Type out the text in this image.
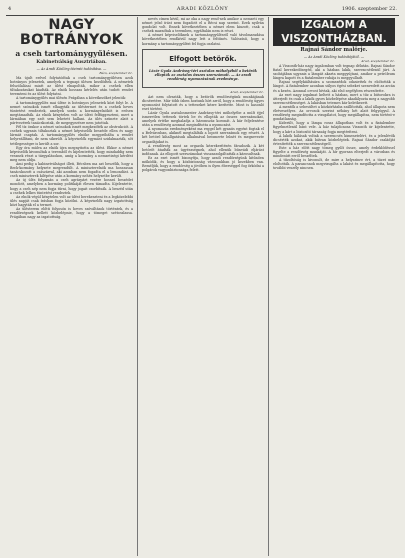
4	ARADI KÖZLÖNY	1906. szeptember 22.
NAGY BOTRÁNYOK
a cseh tartománygyűlésen.
Kabinetválság Ausztriában.

— Az Aradi Közlöny távirati tudósítása. —

Bécs, szeptember 21.

Ma újult erővel folytatódtak a cseh tartománygyűlésen azok botrányos jelenetek, amelyek a tegnapi ülésen kezdődtek. A németek felszólalásai miatt az ülést elnapolták, mikor a csehek ellen tiltakozásukat kiadták. Az elnök hosszas kérlelés után tudott rendet teremteni és az ülést folytatni.

A tartománygyűlés mai ülésén Prágában a következőket jelentik:

A tartománygyűlés mai ülése is botrányos jelenetek közt folyt le. A nemet szónokok ismét elhagyták az üléstermet és a csehek heves tüntetést rendeztek, amelyek során a kormányelnököt is erősen megtámadták. Az elnök kénytelen volt az ülést felfüggeszteni, mert a lármában egy szót sem lehetett hallani. Az ülés szünete alatt a pártvezérek tanácskoztak, de megegyezésre nem jutottak.

Fél tíz órakor a német szónokok ismét megkezdték az obstrukciót. A csehek ugyanis tiltakoztak a német képviselők beszéde ellen és nagy lármát csaptak. A tartománygyűlés elnöke megpróbálta a rendet helyreállítani, de nem sikerült. A képviselők egymást szidalmazták, sőt tettlegességre is került a sor.

Egy óra múlva az elnök újra megnyitotta az ülést. Ekkor a német képviselők kivonultak a teremből és kijelentették, hogy mindaddig nem vesznek részt a tárgyalásokon, amíg a kormány a nemzetiségi kérdést meg nem oldja.

Ami pedig a kabinetválságot illeti, Bécsben ma azt beszélik, hogy a Beck-kormány helyzete megrendült. A miniszterelnök ma hosszasan tanácskozott a császárral, aki azonban nem fogadta el a lemondást. A cseh miniszterek kilépése után a kormány nehéz helyzetbe került.

Az új ülés folyamán a cseh agrárpárt vezére hosszú beszédet mondott, amelyben a kormány politikáját élesen támadta. Kijelentette, hogy a cseh nép nem fogja tűrni, hogy jogait csorbítsák. A beszéd után a csehek lelkes tüntetést rendeztek.

Az elnök végül kénytelen volt az ülést berekeszteni és a legközelebbi ülés napját csak írásban fogja közölni. A képviselők nagy izgatottság közt hagyták el a termet.

Az ülésterem előtti folyosón is heves szóváltások történtek, és a rendőrségnek kellett közbelépnie, hogy a tömeget szétoszlassa. Prágában nagy az izgatottság.

nevés címen kívül, mi az oka a nagy rend-nek amikor a nemzeti egy német jelző írást nem fogadott el a Bécsi nap szerint. Ezek nyilván gondolat volt. Ennek következtében a német elem kiuzott, csak a csehek maradtak a teremben, egyáltalán nem is részt.

A német képviselőknek a tartománygyűlésről való távolmaradása következtében rendkívül nagy lett a feltűnés. Valószínű, hogy a kormány a tartománygyűlést fel fogja oszlatni.

Elfogott betörők.

Lázár Gyula Andrássy-téri asztalos műhelyéből a betörők ellopták az asztalos összes szerszámait. — Az aradi rendőrség nyomozásának eredménye.

Arad, szeptember 21.

Azt nem olvasták, hogy a betörők rendőrségünk munkájának dicséretére. Már több ízben hoztunk hírt arról, hogy a rendőrség ügyes nyomozást folytatott és a tetteseket kézre kerítette. Most is hasonló eset történt.

Lázár Gyula asztalosmester Andrássy-téri műhelyébe a múlt éjjel ismeretlen tettesek törtek be és ellopták az összes szerszámokat, amelyek értéke meghaladja a háromszáz koronát. A kár feljelentése után a rendőrség azonnal megindította a nyomozást.

A nyomozás eredményeként ma reggel két gyanús egyént fogtak el a Belvárosban, akiknél megtalálták a lopott szerszámok egy részét. A két betörő kihallgatásuk alkalmával beismerte bűnét és megnevezte orgazdájukat is.

A rendőrség most az orgazda kézrekerítésén fáradozik. A két betörőt átadták az ügyészségnek, ahol ellenük bűnvádi eljárást indítanak. Az ellopott szerszámokat visszaszolgáltatták a károsultnak.

Ez az eset ismét bizonyítja, hogy aradi rendőrségünk kitűnően működik, és hogy a közbiztonság városunkban jó kezekben van. Reméljük, hogy a rendőrség a jövőben is ilyen éberséggel fog őrködni a polgárok vagyonbiztonsága felett.

IZGALOM A VISZONTHÁZBAN.
Rajnai Sándor malőrje.

— Az Aradi Közlöny tudósítójától. —

Arad, szeptember 21.

A Viszonth-ház nagy izgalomban volt tegnap délután. Rajnai Sándor fiatal kereskedősegéd, aki a házban lakik, szerencsétlenül járt. A szobájában ugyanis a lámpát akarta meggyújtani, amikor a petróleum lángra kapott és a fiatalember ruhája is meggyulladt.

Rajnai segélykiáltására a szomszédok odasiettek és eloltották a lángot. A fiatalember azonban súlyos égési sebeket szenvedett az arcán és a kezén. Azonnal orvost hívtak, aki első segélyben részesítette.

Az eset nagy izgalmat keltett a házban, mert a tűz a bútorokra is átterjedt és csak a lakók gyors közbelépése akadályozta meg a nagyobb szerencsétlenséget. A lakásban tetemes kár keletkezett.

A mentők a sebesültet a közkórházba szállították, ahol állapota nem életveszélyes. Az orvosok szerint néhány hét alatt felgyógyul. A rendőrség megindította a vizsgálatot, hogy megállapítsa, nem történt-e gondatlanság.

Kiderült, hogy a lámpa rossz állapotban volt és a fiatalember figyelmetlenül bánt vele. A ház tulajdonosa Viszonth úr kijelentette, hogy a kárt a biztosító társaság fogja megtéríteni.

A lakók hálásak voltak a szerencsés kimenetelért, és a jelenlévők dicsérték azokat, akik bátran közbeléptek. Rajnai Sándor családját értesítették a szerencsétlenségről.

Este a ház előtt nagy tömeg gyűlt össze, amely érdeklődéssel figyelte a rendőrség munkáját. A hír gyorsan elterjedt a városban és mindenütt erről beszéltek.

A tűzoltóság is kivonult, de mire a helyszínre ért, a tüzet már eloltották. A parancsnok megvizsgálta a lakást és megállapította, hogy további veszély nincsen.
